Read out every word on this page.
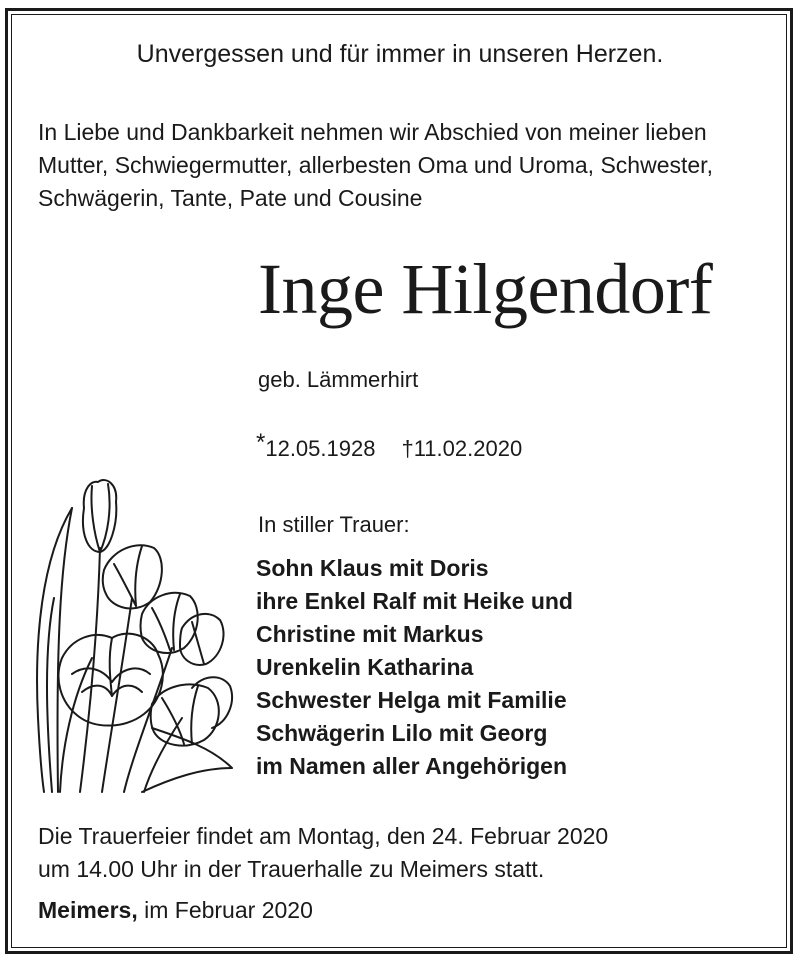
Unvergessen und für immer in unseren Herzen.
In Liebe und Dankbarkeit nehmen wir Abschied von meiner lieben
Mutter, Schwiegermutter, allerbesten Oma und Uroma, Schwester,
Schwägerin, Tante, Pate und Cousine
Inge Hilgendorf
geb. Lämmerhirt
*12.05.1928 †11.02.2020
In stiller Trauer:
Sohn Klaus mit Doris
ihre Enkel Ralf mit Heike und
Christine mit Markus
Urenkelin Katharina
Schwester Helga mit Familie
Schwägerin Lilo mit Georg
im Namen aller Angehörigen
Die Trauerfeier findet am Montag, den 24. Februar 2020
um 14.00 Uhr in der Trauerhalle zu Meimers statt.
Meimers, im Februar 2020
